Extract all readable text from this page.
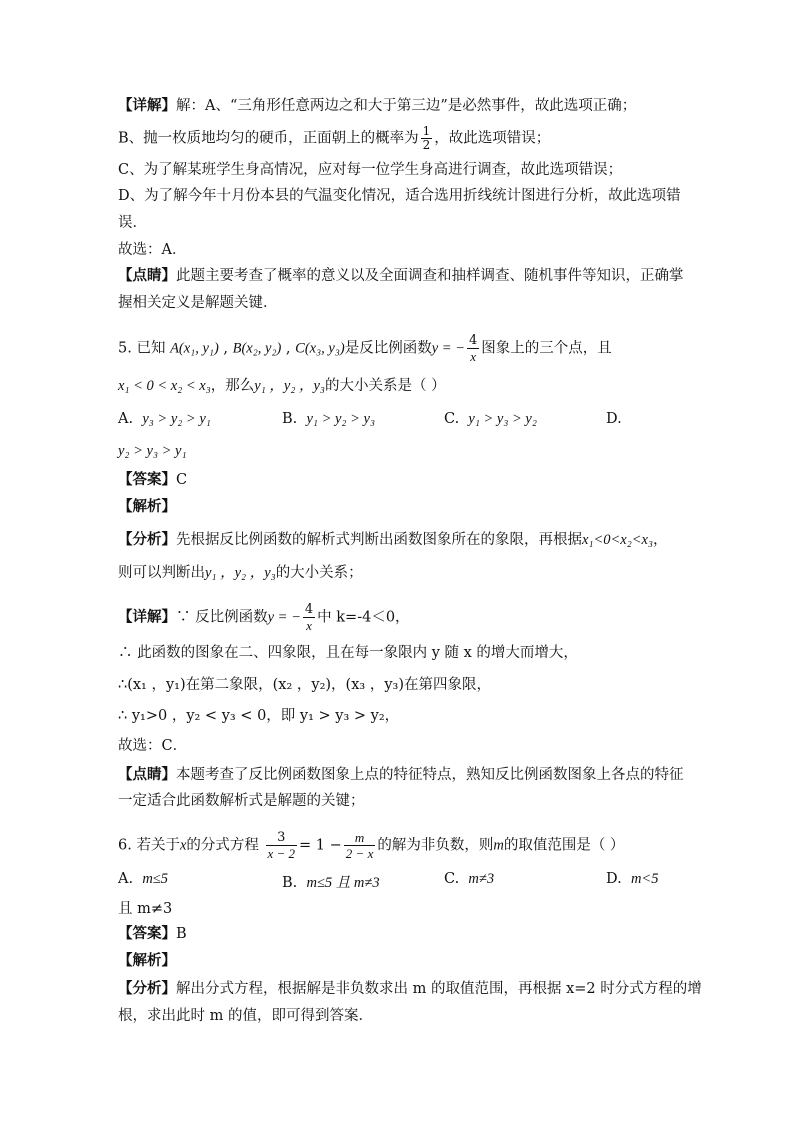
【详解】解：A、“三角形任意两边之和大于第三边”是必然事件，故此选项正确；
B、抛一枚质地均匀的硬币，正面朝上的概率为 $\frac{1}{2}$ ，故此选项错误；
C、为了解某班学生身高情况，应对每一位学生身高进行调查，故此选项错误；
D、为了解今年十月份本县的气温变化情况，适合选用折线统计图进行分析，故此选项错
误．
故选：A．
【点睛】此题主要考查了概率的意义以及全面调查和抽样调查、随机事件等知识，正确掌
握相关定义是解题关键．
5. 已知 A(x₁, y₁) , B(x₂, y₂) , C(x₃, y₃)是反比例函数y = − $\frac{4}{x}$ 图象上的三个点，且
x₁ < 0 < x₂ < x₃，那么y₁ ，y₂ ，y₃的大小关系是（ ）
A. y₃ > y₂ > y₁	B. y₁ > y₂ > y₃	C. y₁ > y₃ > y₂	D.
y₂ > y₃ > y₁
【答案】C
【解析】
【分析】先根据反比例函数的解析式判断出函数图象所在的象限，再根据x₁<0<x₂<x₃，
则可以判断出y₁ ，y₂ ，y₃的大小关系；
【详解】∵ 反比例函数y = − $\frac{4}{x}$ 中 k=-4＜0，
∴ 此函数的图象在二、四象限，且在每一象限内 y 随 x 的增大而增大，
∴(x₁ ，y₁)在第二象限，(x₂ ，y₂)，(x₃ ，y₃)在第四象限，
∴ y₁>0 ，y₂ < y₃ < 0，即 y₁ > y₃ > y₂，
故选：C．
【点睛】本题考查了反比例函数图象上点的特征特点，熟知反比例函数图象上各点的特征
一定适合此函数解析式是解题的关键；
6. 若关于x的分式方程 $\frac{3}{x - 2} = 1 - \frac{m}{2 - x}$ 的解为非负数，则m的取值范围是（ ）
A. m≤5	B. m≤5 且 m≠3	C. m≠3	D. m<5
且 m≠3
【答案】B
【解析】
【分析】解出分式方程，根据解是非负数求出 m 的取值范围，再根据 x=2 时分式方程的增
根，求出此时 m 的值，即可得到答案．
